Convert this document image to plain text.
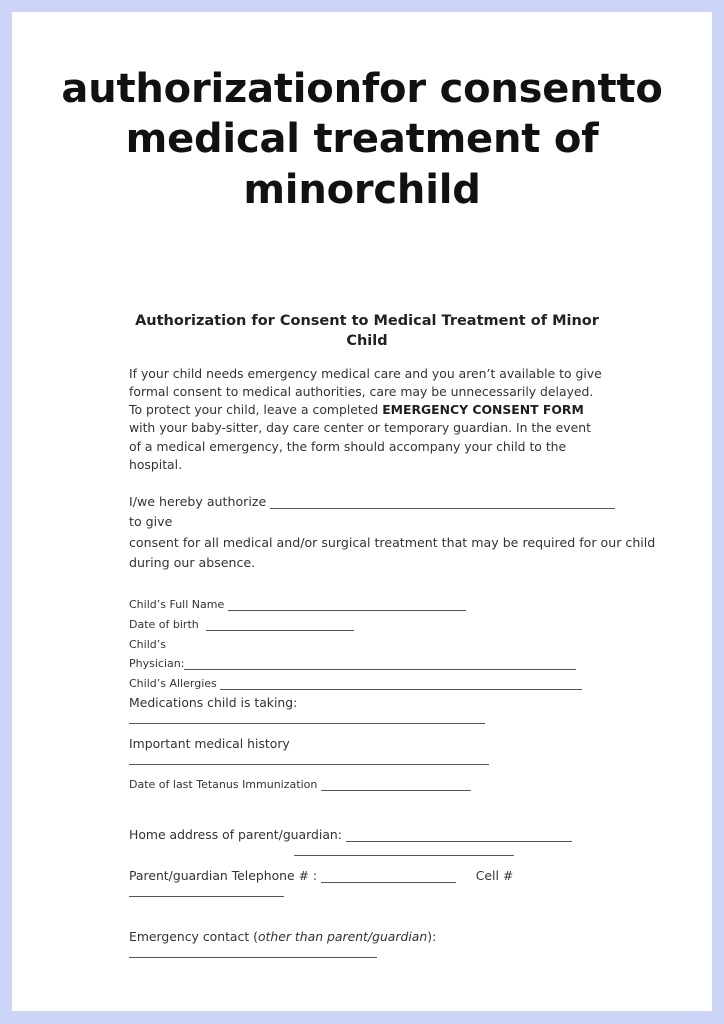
authorizationfor consentto medical treatment of minorchild
Authorization for Consent to Medical Treatment of Minor Child

If your child needs emergency medical care and you aren’t available to give formal consent to medical authorities, care may be unnecessarily delayed. To protect your child, leave a completed EMERGENCY CONSENT FORM with your baby-sitter, day care center or temporary guardian. In the event of a medical emergency, the form should accompany your child to the hospital.

I/we hereby authorize
to give
consent for all medical and/or surgical treatment that may be required for our child
during our absence.
Child’s Full Name
Date of birth
Child’s
Physician:
Child’s Allergies
Medications child is taking:
Important medical history
Date of last Tetanus Immunization
Home address of parent/guardian:
Parent/guardian Telephone # :	Cell #
Emergency contact (other than parent/guardian):
